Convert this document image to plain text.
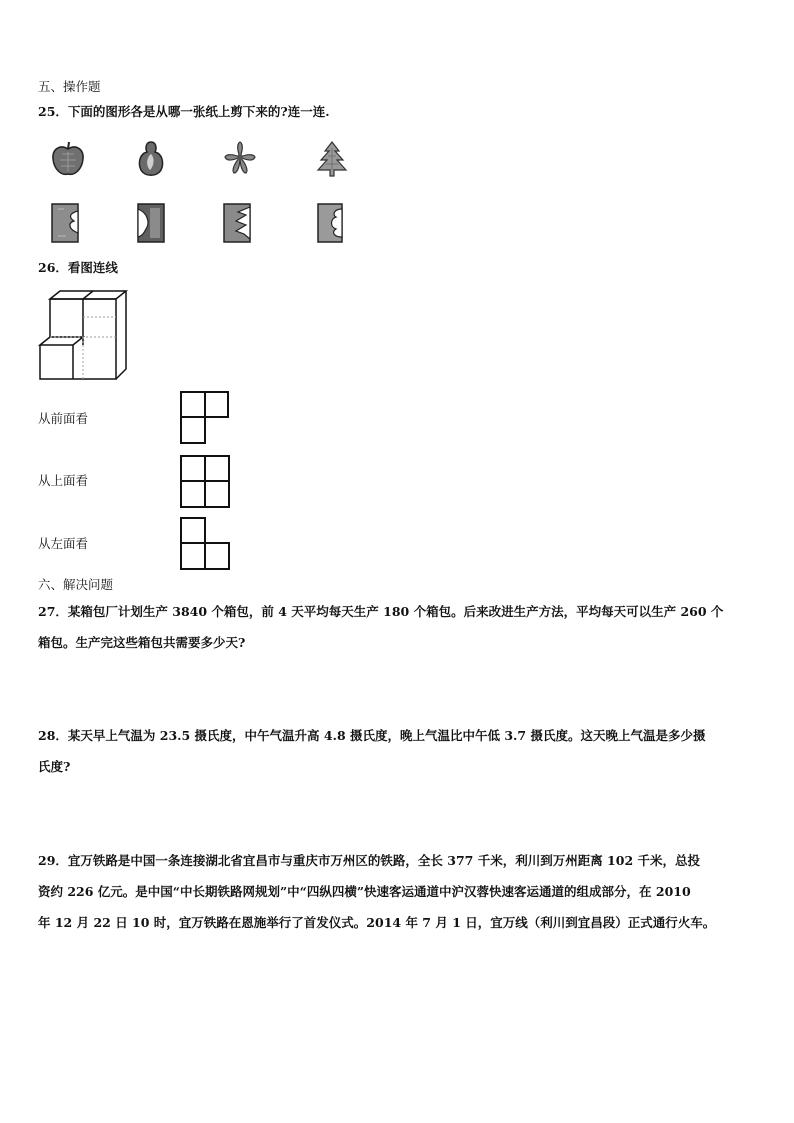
五、操作题
25．下面的图形各是从哪一张纸上剪下来的?连一连.
26．看图连线
从前面看
从上面看
从左面看
六、解决问题
27．某箱包厂计划生产 3840 个箱包，前 4 天平均每天生产 180 个箱包。后来改进生产方法，平均每天可以生产 260 个
箱包。生产完这些箱包共需要多少天?
28．某天早上气温为 23.5 摄氏度，中午气温升高 4.8 摄氏度，晚上气温比中午低 3.7 摄氏度。这天晚上气温是多少摄
氏度?
29．宜万铁路是中国一条连接湖北省宜昌市与重庆市万州区的铁路，全长 377 千米，利川到万州距离 102 千米，总投
资约 226 亿元。是中国“中长期铁路网规划”中“四纵四横”快速客运通道中沪汉蓉快速客运通道的组成部分，在 2010
年 12 月 22 日 10 时，宜万铁路在恩施举行了首发仪式。2014 年 7 月 1 日，宜万线（利川到宜昌段）正式通行火车。
